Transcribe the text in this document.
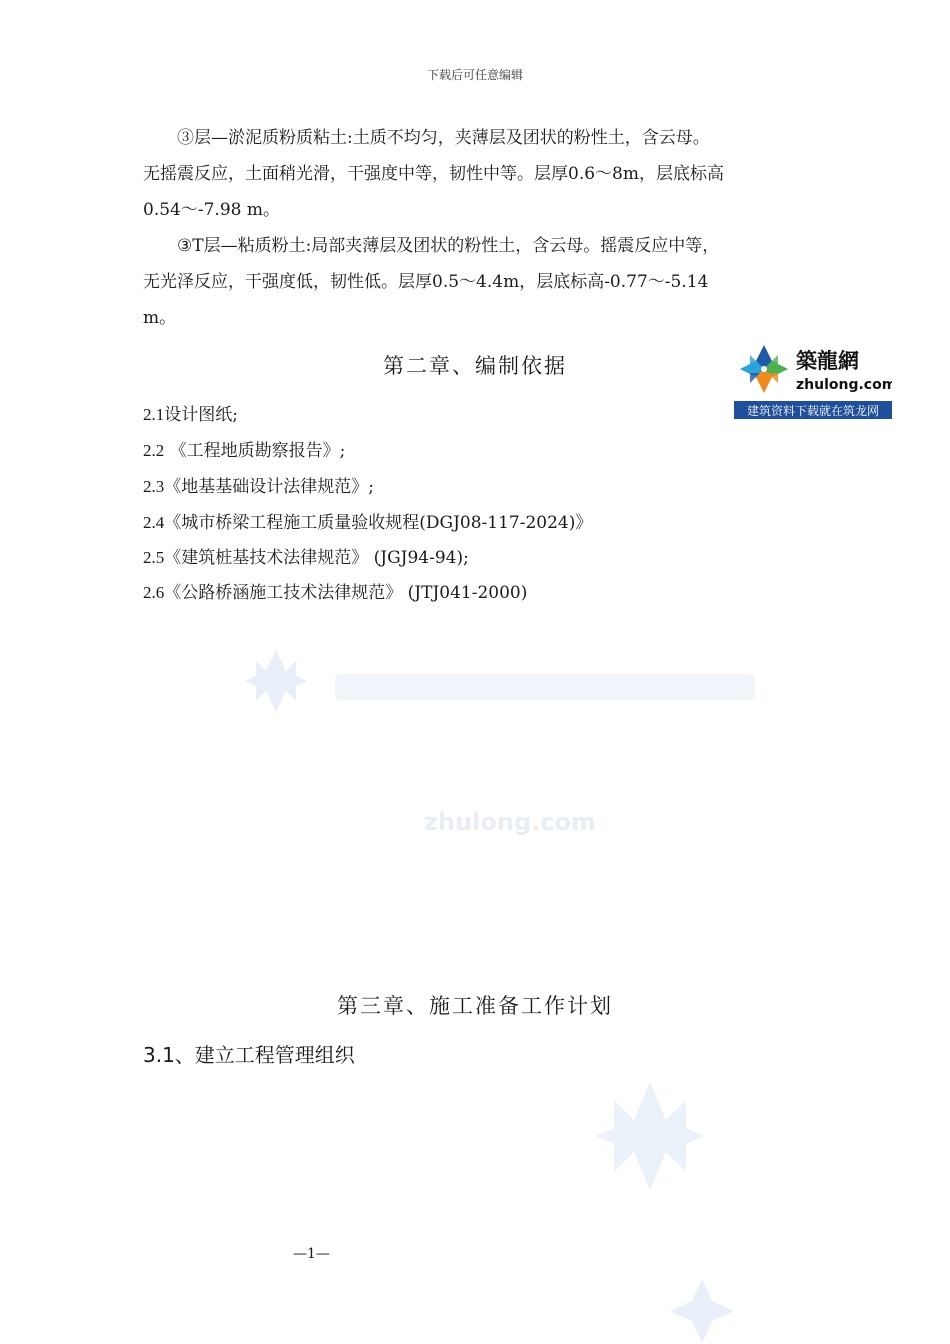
下载后可任意编辑
③层—淤泥质粉质粘土:土质不均匀，夹薄层及团状的粉性土，含云母。
无摇震反应，土面稍光滑，干强度中等，韧性中等。层厚0.6～8m，层底标高
0.54～-7.98 m。
③T层—粘质粉土:局部夹薄层及团状的粉性土，含云母。摇震反应中等，
无光泽反应，干强度低，韧性低。层厚0.5～4.4m，层底标高-0.77～-5.14
m。
第二章、编制依据	築龍網
zhulong.com
建筑资料下载就在筑龙网
2.1设计图纸;
2.2 《工程地质勘察报告》;
2.3《地基基础设计法律规范》;
2.4《城市桥梁工程施工质量验收规程(DGJ08-117-2024)》
2.5《建筑桩基技术法律规范》 (JGJ94-94);
2.6《公路桥涵施工技术法律规范》 (JTJ041-2000)
zhulong.com
第三章、施工准备工作计划
3.1、建立工程管理组织
—1—
